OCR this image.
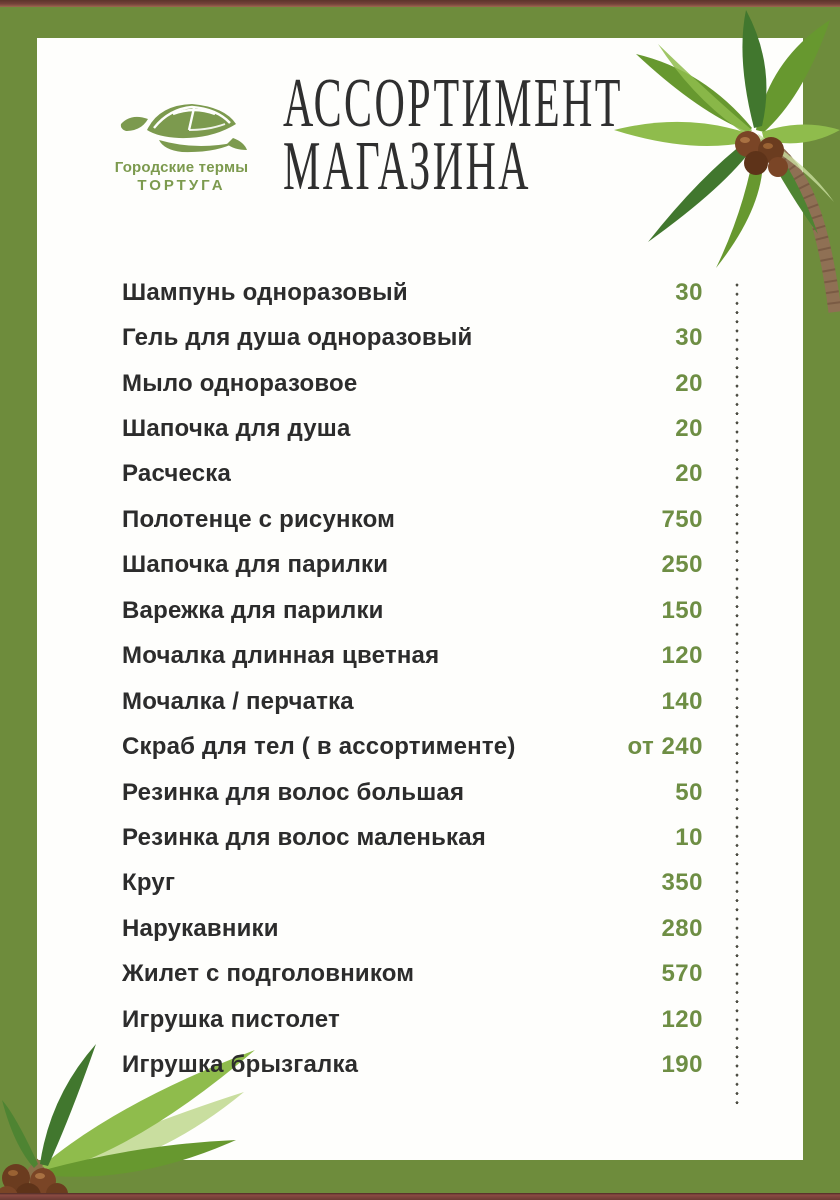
Городские термы
ТОРТУГА
АССОРТИМЕНТ
МАГАЗИНА
Шампунь одноразовый	30
Гель для душа одноразовый	30
Мыло одноразовое	20
Шапочка для душа	20
Расческа	20
Полотенце с рисунком	750
Шапочка для парилки	250
Варежка для парилки	150
Мочалка длинная цветная	120
Мочалка / перчатка	140
Скраб для тел ( в ассортименте)	от 240
Резинка для волос большая	50
Резинка для волос маленькая	10
Круг	350
Нарукавники	280
Жилет с подголовником	570
Игрушка пистолет	120
Игрушка брызгалка	190
